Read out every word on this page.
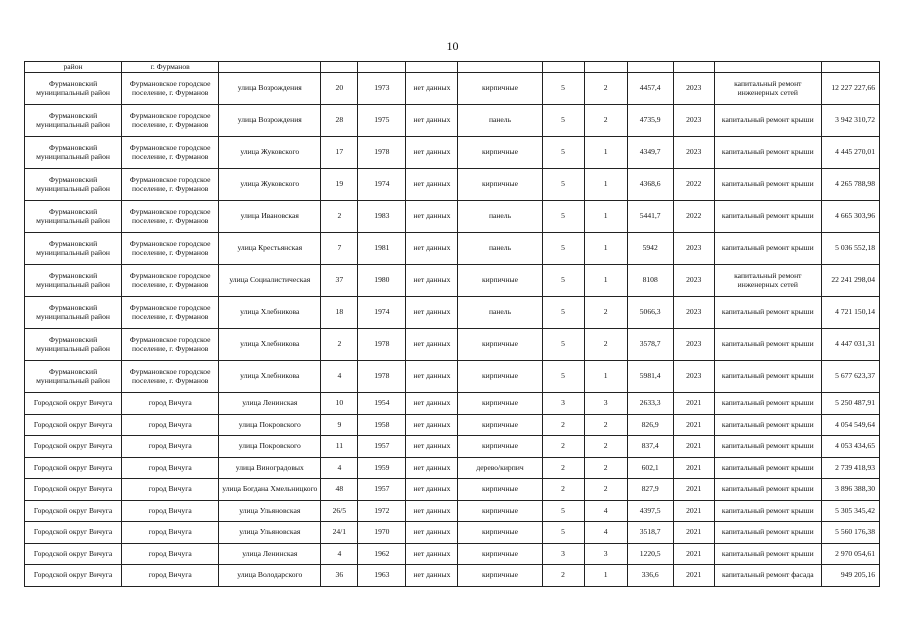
10
район	г. Фурманов											
Фурмановский муниципальный район	Фурмановское городское поселение, г. Фурманов	улица Возрождения	20	1973	нет данных	кирпичные	5	2	4457,4	2023	капитальный ремонт инженерных сетей	12 227 227,66
Фурмановский муниципальный район	Фурмановское городское поселение, г. Фурманов	улица Возрождения	28	1975	нет данных	панель	5	2	4735,9	2023	капитальный ремонт крыши	3 942 310,72
Фурмановский муниципальный район	Фурмановское городское поселение, г. Фурманов	улица Жуковского	17	1978	нет данных	кирпичные	5	1	4349,7	2023	капитальный ремонт крыши	4 445 270,01
Фурмановский муниципальный район	Фурмановское городское поселение, г. Фурманов	улица Жуковского	19	1974	нет данных	кирпичные	5	1	4368,6	2022	капитальный ремонт крыши	4 265 788,98
Фурмановский муниципальный район	Фурмановское городское поселение, г. Фурманов	улица Ивановская	2	1983	нет данных	панель	5	1	5441,7	2022	капитальный ремонт крыши	4 665 303,96
Фурмановский муниципальный район	Фурмановское городское поселение, г. Фурманов	улица Крестьянская	7	1981	нет данных	панель	5	1	5942	2023	капитальный ремонт крыши	5 036 552,18
Фурмановский муниципальный район	Фурмановское городское поселение, г. Фурманов	улица Социалистическая	37	1980	нет данных	кирпичные	5	1	8108	2023	капитальный ремонт инженерных сетей	22 241 298,04
Фурмановский муниципальный район	Фурмановское городское поселение, г. Фурманов	улица Хлебникова	18	1974	нет данных	панель	5	2	5066,3	2023	капитальный ремонт крыши	4 721 150,14
Фурмановский муниципальный район	Фурмановское городское поселение, г. Фурманов	улица Хлебникова	2	1978	нет данных	кирпичные	5	2	3578,7	2023	капитальный ремонт крыши	4 447 031,31
Фурмановский муниципальный район	Фурмановское городское поселение, г. Фурманов	улица Хлебникова	4	1978	нет данных	кирпичные	5	1	5981,4	2023	капитальный ремонт крыши	5 677 623,37
Городской округ Вичуга	город Вичуга	улица Ленинская	10	1954	нет данных	кирпичные	3	3	2633,3	2021	капитальный ремонт крыши	5 250 487,91
Городской округ Вичуга	город Вичуга	улица Покровского	9	1958	нет данных	кирпичные	2	2	826,9	2021	капитальный ремонт крыши	4 054 549,64
Городской округ Вичуга	город Вичуга	улица Покровского	11	1957	нет данных	кирпичные	2	2	837,4	2021	капитальный ремонт крыши	4 053 434,65
Городской округ Вичуга	город Вичуга	улица Виноградовых	4	1959	нет данных	дерево/кирпич	2	2	602,1	2021	капитальный ремонт крыши	2 739 418,93
Городской округ Вичуга	город Вичуга	улица Богдана Хмельницкого	48	1957	нет данных	кирпичные	2	2	827,9	2021	капитальный ремонт крыши	3 896 388,30
Городской округ Вичуга	город Вичуга	улица Ульяновская	26/5	1972	нет данных	кирпичные	5	4	4397,5	2021	капитальный ремонт крыши	5 305 345,42
Городской округ Вичуга	город Вичуга	улица Ульяновская	24/1	1970	нет данных	кирпичные	5	4	3518,7	2021	капитальный ремонт крыши	5 560 176,38
Городской округ Вичуга	город Вичуга	улица Ленинская	4	1962	нет данных	кирпичные	3	3	1220,5	2021	капитальный ремонт крыши	2 970 054,61
Городской округ Вичуга	город Вичуга	улица Володарского	36	1963	нет данных	кирпичные	2	1	336,6	2021	капитальный ремонт фасада	949 205,16
